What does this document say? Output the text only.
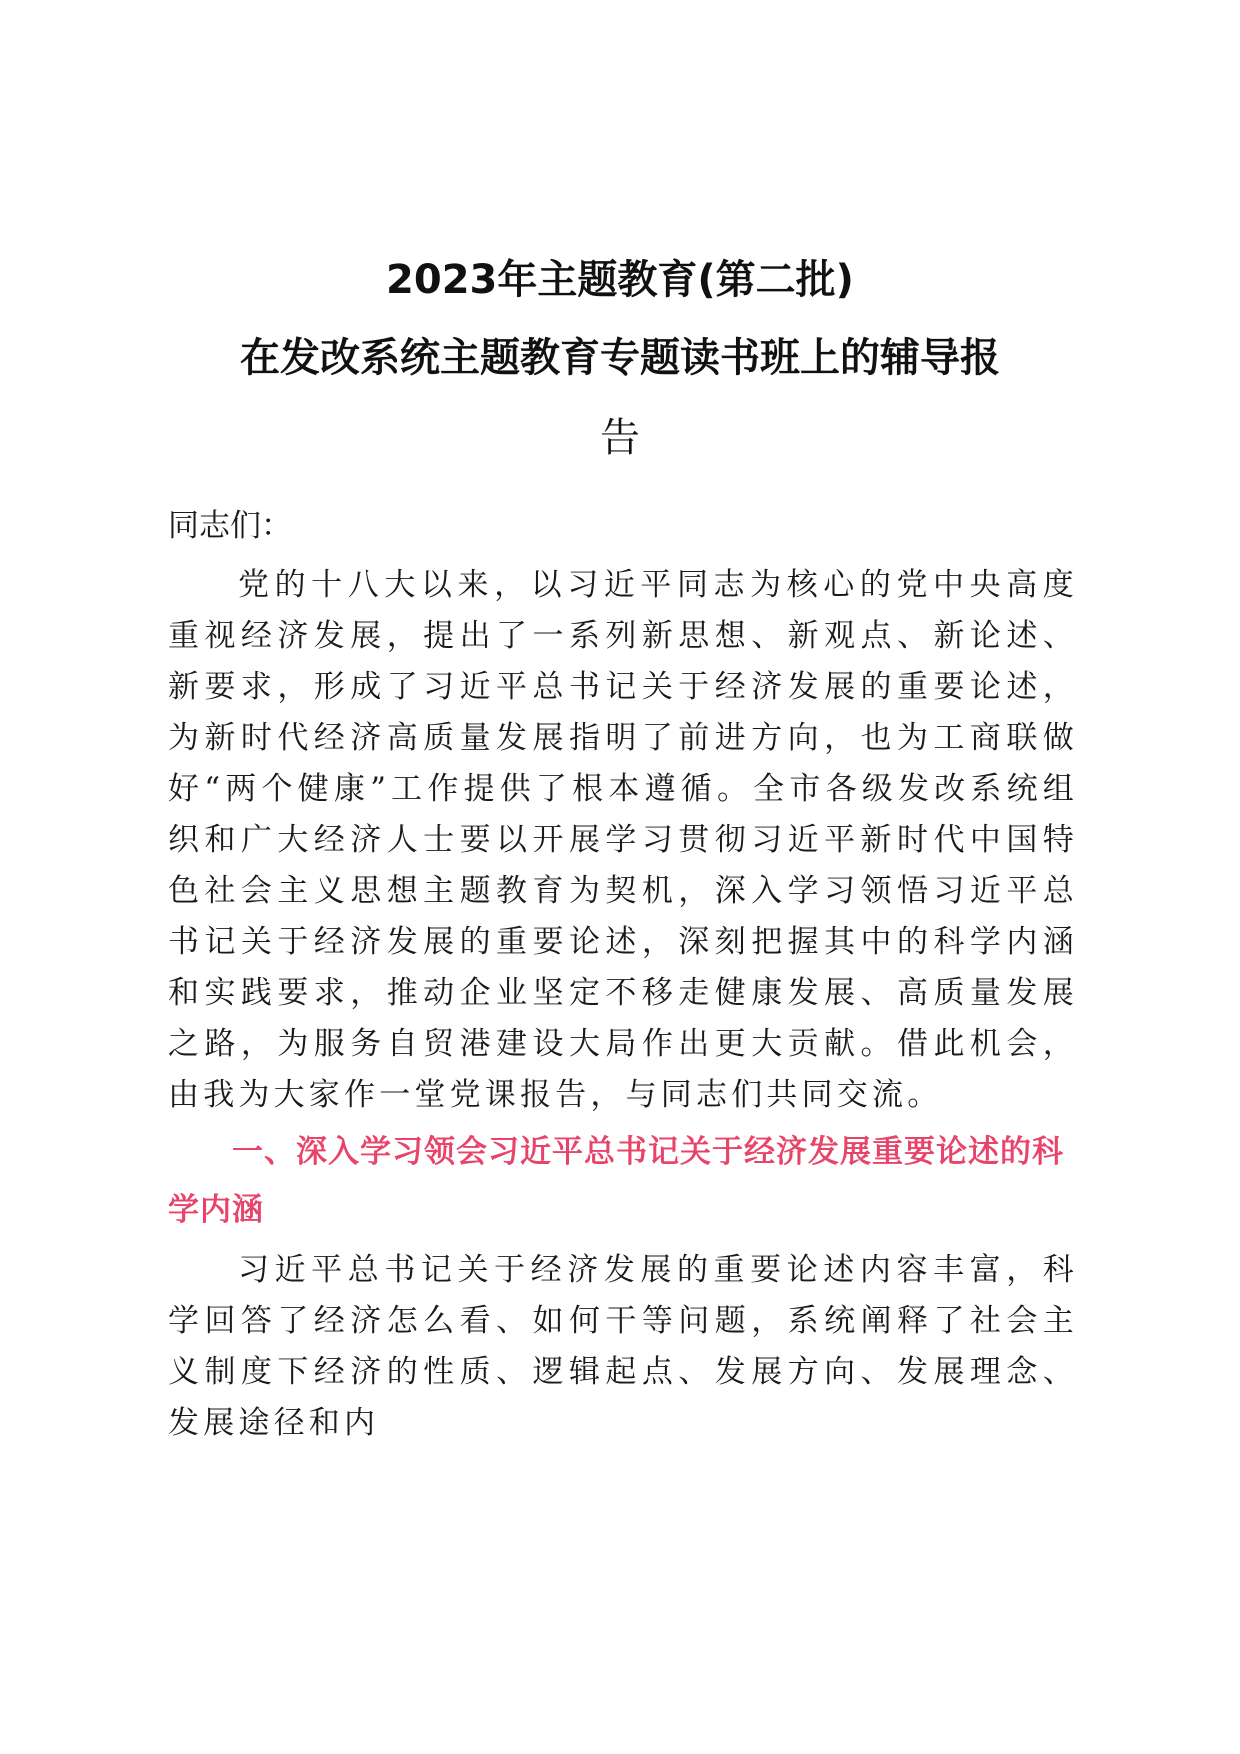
2023年主题教育(第二批)
在发改系统主题教育专题读书班上的辅导报
告

同志们：

党的十八大以来，以习近平同志为核心的党中央高度重视经济发展，提出了一系列新思想、新观点、新论述、新要求，形成了习近平总书记关于经济发展的重要论述，为新时代经济高质量发展指明了前进方向，也为工商联做好“两个健康”工作提供了根本遵循。全市各级发改系统组织和广大经济人士要以开展学习贯彻习近平新时代中国特色社会主义思想主题教育为契机，深入学习领悟习近平总书记关于经济发展的重要论述，深刻把握其中的科学内涵和实践要求，推动企业坚定不移走健康发展、高质量发展之路，为服务自贸港建设大局作出更大贡献。借此机会，由我为大家作一堂党课报告，与同志们共同交流。

一、深入学习领会习近平总书记关于经济发展重要论述的科学内涵

习近平总书记关于经济发展的重要论述内容丰富，科学回答了经济怎么看、如何干等问题，系统阐释了社会主义制度下经济的性质、逻辑起点、发展方向、发展理念、发展途径和内
